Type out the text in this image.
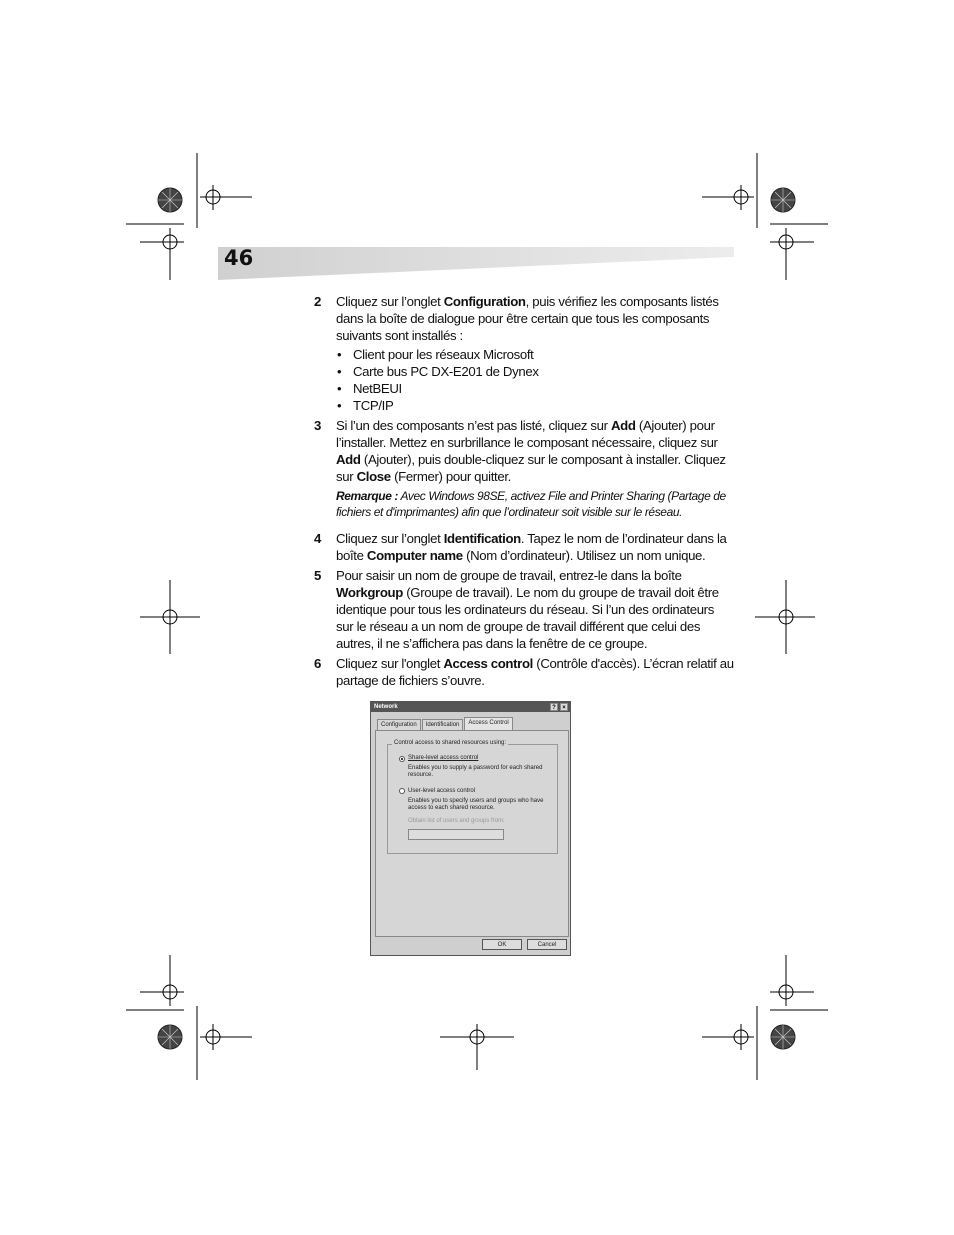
46
2	Cliquez sur l’onglet Configuration, puis vérifiez les composants listés dans la boîte de dialogue pour être certain que tous les composants suivants sont installés :
• Client pour les réseaux Microsoft
• Carte bus PC DX-E201 de Dynex
• NetBEUI
• TCP/IP
3	Si l’un des composants n’est pas listé, cliquez sur Add (Ajouter) pour l’installer. Mettez en surbrillance le composant nécessaire, cliquez sur Add (Ajouter), puis double-cliquez sur le composant à installer. Cliquez sur Close (Fermer) pour quitter.
Remarque : Avec Windows 98SE, activez File and Printer Sharing (Partage de fichiers et d'imprimantes) afin que l’ordinateur soit visible sur le réseau.
4	Cliquez sur l’onglet Identification. Tapez le nom de l’ordinateur dans la boîte Computer name (Nom d’ordinateur). Utilisez un nom unique.
5	Pour saisir un nom de groupe de travail, entrez-le dans la boîte Workgroup (Groupe de travail). Le nom du groupe de travail doit être identique pour tous les ordinateurs du réseau. Si l’un des ordinateurs sur le réseau a un nom de groupe de travail différent que celui des autres, il ne s’affichera pas dans la fenêtre de ce groupe.
6	Cliquez sur l'onglet Access control (Contrôle d'accès). L’écran relatif au partage de fichiers s’ouvre.
Network	?	×
Configuration	Identification	Access Control
Control access to shared resources using:
Share-level access control
Enables you to supply a password for each shared resource.
User-level access control
Enables you to specify users and groups who have access to each shared resource.
Obtain list of users and groups from:
OK	Cancel
